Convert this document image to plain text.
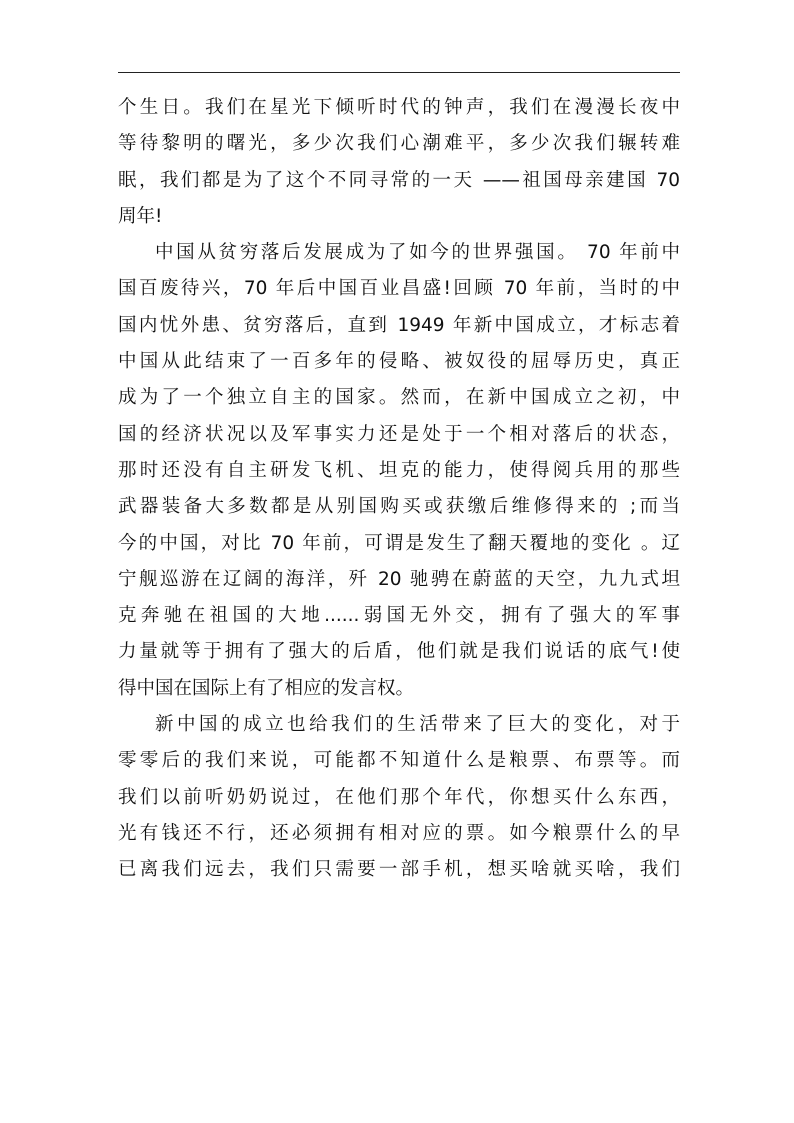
个生日。我们在星光下倾听时代的钟声，我们在漫漫长夜中
等待黎明的曙光，多少次我们心潮难平，多少次我们辗转难
眠，我们都是为了这个不同寻常的一天 ——祖国母亲建国 70
周年!
中国从贫穷落后发展成为了如今的世界强国。 70 年前中
国百废待兴，70 年后中国百业昌盛!回顾 70 年前，当时的中
国内忧外患、贫穷落后，直到 1949 年新中国成立，才标志着
中国从此结束了一百多年的侵略、被奴役的屈辱历史，真正
成为了一个独立自主的国家。然而，在新中国成立之初，中
国的经济状况以及军事实力还是处于一个相对落后的状态，
那时还没有自主研发飞机、坦克的能力，使得阅兵用的那些
武器装备大多数都是从别国购买或获缴后维修得来的 ;而当
今的中国，对比 70 年前，可谓是发生了翻天覆地的变化 。辽
宁舰巡游在辽阔的海洋，歼 20 驰骋在蔚蓝的天空，九九式坦
克奔驰在祖国的大地......弱国无外交，拥有了强大的军事
力量就等于拥有了强大的后盾，他们就是我们说话的底气!使
得中国在国际上有了相应的发言权。
新中国的成立也给我们的生活带来了巨大的变化，对于
零零后的我们来说，可能都不知道什么是粮票、布票等。而
我们以前听奶奶说过，在他们那个年代，你想买什么东西，
光有钱还不行，还必须拥有相对应的票。如今粮票什么的早
已离我们远去，我们只需要一部手机，想买啥就买啥，我们
